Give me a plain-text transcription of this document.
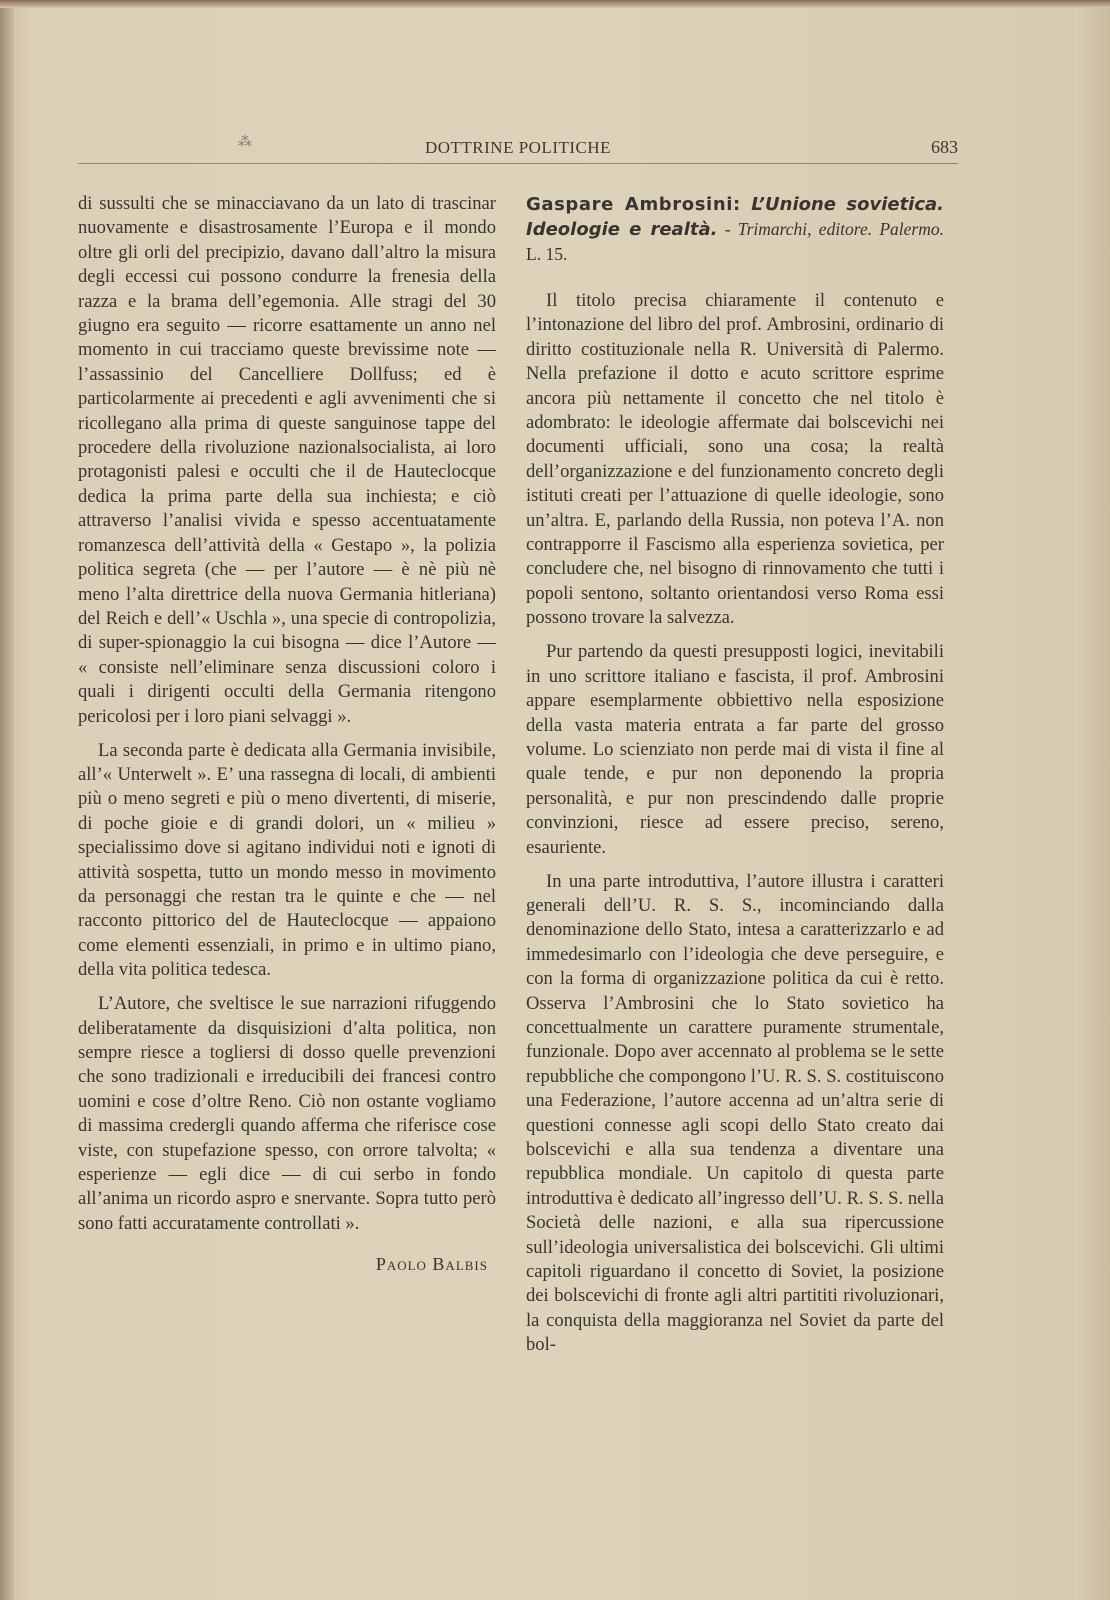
⁂	DOTTRINE POLITICHE	683

di sussulti che se minacciavano da un lato di trascinar nuovamente e disastrosamente l’Europa e il mondo oltre gli orli del precipizio, davano dall’altro la misura degli eccessi cui possono condurre la frenesia della razza e la brama dell’egemonia. Alle stragi del 30 giugno era seguito — ricorre esattamente un anno nel momento in cui tracciamo queste brevissime note — l’assassinio del Cancelliere Dollfuss; ed è particolarmente ai precedenti e agli avvenimenti che si ricollegano alla prima di queste sanguinose tappe del procedere della rivoluzione nazionalsocialista, ai loro protagonisti palesi e occulti che il de Hauteclocque dedica la prima parte della sua inchiesta; e ciò attraverso l’analisi vivida e spesso accentuatamente romanzesca dell’attività della « Gestapo », la polizia politica segreta (che — per l’autore — è nè più nè meno l’alta direttrice della nuova Germania hitleriana) del Reich e dell’« Uschla », una specie di contropolizia, di super-spionaggio la cui bisogna — dice l’Autore — « consiste nell’eliminare senza discussioni coloro i quali i dirigenti occulti della Germania ritengono pericolosi per i loro piani selvaggi ».

La seconda parte è dedicata alla Germania invisibile, all’« Unterwelt ». E’ una rassegna di locali, di ambienti più o meno segreti e più o meno divertenti, di miserie, di poche gioie e di grandi dolori, un « milieu » specialissimo dove si agitano individui noti e ignoti di attività sospetta, tutto un mondo messo in movimento da personaggi che restan tra le quinte e che — nel racconto pittorico del de Hauteclocque — appaiono come elementi essenziali, in primo e in ultimo piano, della vita politica tedesca.

L’Autore, che sveltisce le sue narrazioni rifuggendo deliberatamente da disquisizioni d’alta politica, non sempre riesce a togliersi di dosso quelle prevenzioni che sono tradizionali e irreducibili dei francesi contro uomini e cose d’oltre Reno. Ciò non ostante vogliamo di massima credergli quando afferma che riferisce cose viste, con stupefazione spesso, con orrore talvolta; « esperienze — egli dice — di cui serbo in fondo all’anima un ricordo aspro e snervante. Sopra tutto però sono fatti accuratamente controllati ».

Paolo Balbis
Gaspare Ambrosini: L’Unione sovietica. Ideologie e realtà. - Trimarchi, editore. Palermo. L. 15.

Il titolo precisa chiaramente il contenuto e l’intonazione del libro del prof. Ambrosini, ordinario di diritto costituzionale nella R. Università di Palermo. Nella prefazione il dotto e acuto scrittore esprime ancora più nettamente il concetto che nel titolo è adombrato: le ideologie affermate dai bolscevichi nei documenti ufficiali, sono una cosa; la realtà dell’organizzazione e del funzionamento concreto degli istituti creati per l’attuazione di quelle ideologie, sono un’altra. E, parlando della Russia, non poteva l’A. non contrapporre il Fascismo alla esperienza sovietica, per concludere che, nel bisogno di rinnovamento che tutti i popoli sentono, soltanto orientandosi verso Roma essi possono trovare la salvezza.

Pur partendo da questi presupposti logici, inevitabili in uno scrittore italiano e fascista, il prof. Ambrosini appare esemplarmente obbiettivo nella esposizione della vasta materia entrata a far parte del grosso volume. Lo scienziato non perde mai di vista il fine al quale tende, e pur non deponendo la propria personalità, e pur non prescindendo dalle proprie convinzioni, riesce ad essere preciso, sereno, esauriente.

In una parte introduttiva, l’autore illustra i caratteri generali dell’U. R. S. S., incominciando dalla denominazione dello Stato, intesa a caratterizzarlo e ad immedesimarlo con l’ideologia che deve perseguire, e con la forma di organizzazione politica da cui è retto. Osserva l’Ambrosini che lo Stato sovietico ha concettualmente un carattere puramente strumentale, funzionale. Dopo aver accennato al problema se le sette repubbliche che compongono l’U. R. S. S. costituiscono una Federazione, l’autore accenna ad un’altra serie di questioni connesse agli scopi dello Stato creato dai bolscevichi e alla sua tendenza a diventare una repubblica mondiale. Un capitolo di questa parte introduttiva è dedicato all’ingresso dell’U. R. S. S. nella Società delle nazioni, e alla sua ripercussione sull’ideologia universalistica dei bolscevichi. Gli ultimi capitoli riguardano il concetto di Soviet, la posizione dei bolscevichi di fronte agli altri partititi rivoluzionari, la conquista della maggioranza nel Soviet da parte del bol-
